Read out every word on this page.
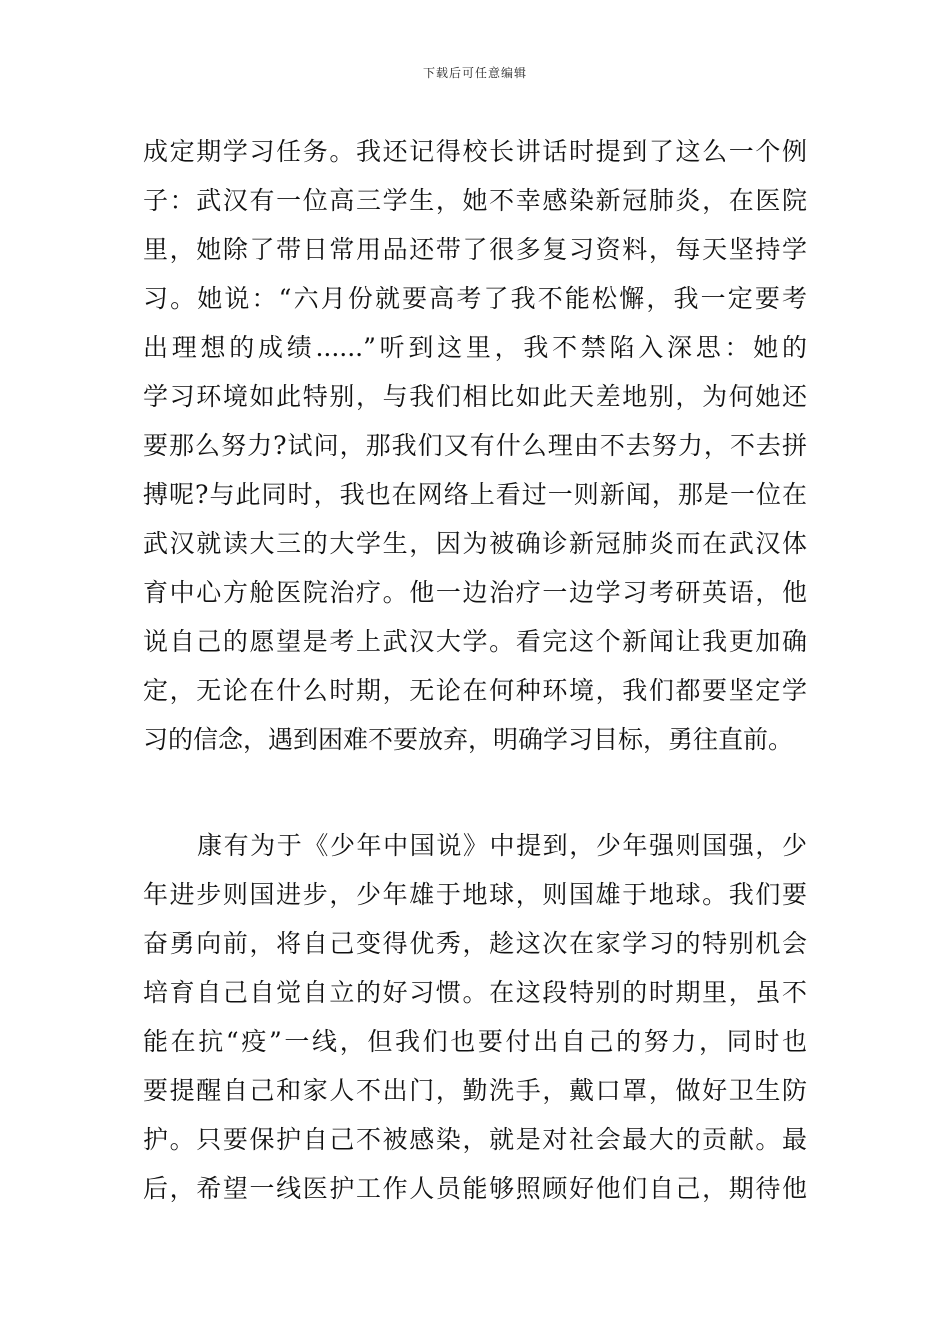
下载后可任意编辑
成定期学习任务。我还记得校长讲话时提到了这么一个例
子：武汉有一位高三学生，她不幸感染新冠肺炎，在医院
里，她除了带日常用品还带了很多复习资料，每天坚持学
习。她说：“六月份就要高考了我不能松懈，我一定要考
出理想的成绩......”听到这里，我不禁陷入深思：她的
学习环境如此特别，与我们相比如此天差地别，为何她还
要那么努力?试问，那我们又有什么理由不去努力，不去拼
搏呢?与此同时，我也在网络上看过一则新闻，那是一位在
武汉就读大三的大学生，因为被确诊新冠肺炎而在武汉体
育中心方舱医院治疗。他一边治疗一边学习考研英语，他
说自己的愿望是考上武汉大学。看完这个新闻让我更加确
定，无论在什么时期，无论在何种环境，我们都要坚定学
习的信念，遇到困难不要放弃，明确学习目标，勇往直前。
康有为于《少年中国说》中提到，少年强则国强，少
年进步则国进步，少年雄于地球，则国雄于地球。我们要
奋勇向前，将自己变得优秀，趁这次在家学习的特别机会
培育自己自觉自立的好习惯。在这段特别的时期里，虽不
能在抗“疫”一线，但我们也要付出自己的努力，同时也
要提醒自己和家人不出门，勤洗手，戴口罩，做好卫生防
护。只要保护自己不被感染，就是对社会最大的贡献。最
后，希望一线医护工作人员能够照顾好他们自己，期待他
